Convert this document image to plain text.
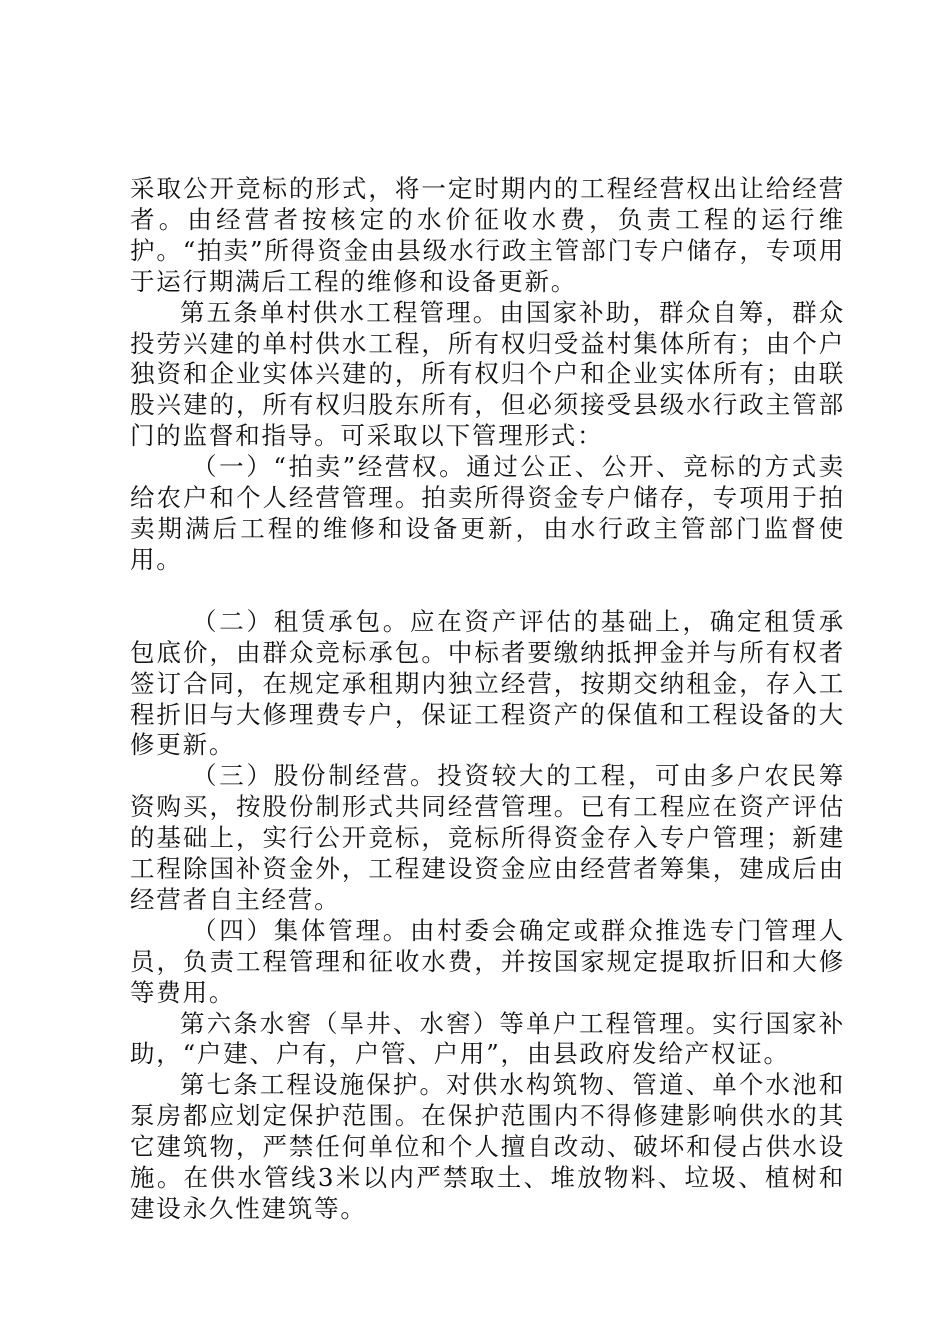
采取公开竞标的形式，将一定时期内的工程经营权出让给经营者。由经营者按核定的水价征收水费，负责工程的运行维护。“拍卖”所得资金由县级水行政主管部门专户储存，专项用于运行期满后工程的维修和设备更新。

第五条单村供水工程管理。由国家补助，群众自筹，群众投劳兴建的单村供水工程，所有权归受益村集体所有；由个户独资和企业实体兴建的，所有权归个户和企业实体所有；由联股兴建的，所有权归股东所有，但必须接受县级水行政主管部门的监督和指导。可采取以下管理形式：

（一）“拍卖”经营权。通过公正、公开、竞标的方式卖给农户和个人经营管理。拍卖所得资金专户储存，专项用于拍卖期满后工程的维修和设备更新，由水行政主管部门监督使用。

（二）租赁承包。应在资产评估的基础上，确定租赁承包底价，由群众竞标承包。中标者要缴纳抵押金并与所有权者签订合同，在规定承租期内独立经营，按期交纳租金，存入工程折旧与大修理费专户，保证工程资产的保值和工程设备的大修更新。

（三）股份制经营。投资较大的工程，可由多户农民筹资购买，按股份制形式共同经营管理。已有工程应在资产评估的基础上，实行公开竞标，竞标所得资金存入专户管理；新建工程除国补资金外，工程建设资金应由经营者筹集，建成后由经营者自主经营。

（四）集体管理。由村委会确定或群众推选专门管理人员，负责工程管理和征收水费，并按国家规定提取折旧和大修等费用。

第六条水窖（旱井、水窖）等单户工程管理。实行国家补助，“户建、户有，户管、户用”，由县政府发给产权证。

第七条工程设施保护。对供水构筑物、管道、单个水池和泵房都应划定保护范围。在保护范围内不得修建影响供水的其它建筑物，严禁任何单位和个人擅自改动、破坏和侵占供水设施。在供水管线3米以内严禁取土、堆放物料、垃圾、植树和建设永久性建筑等。
